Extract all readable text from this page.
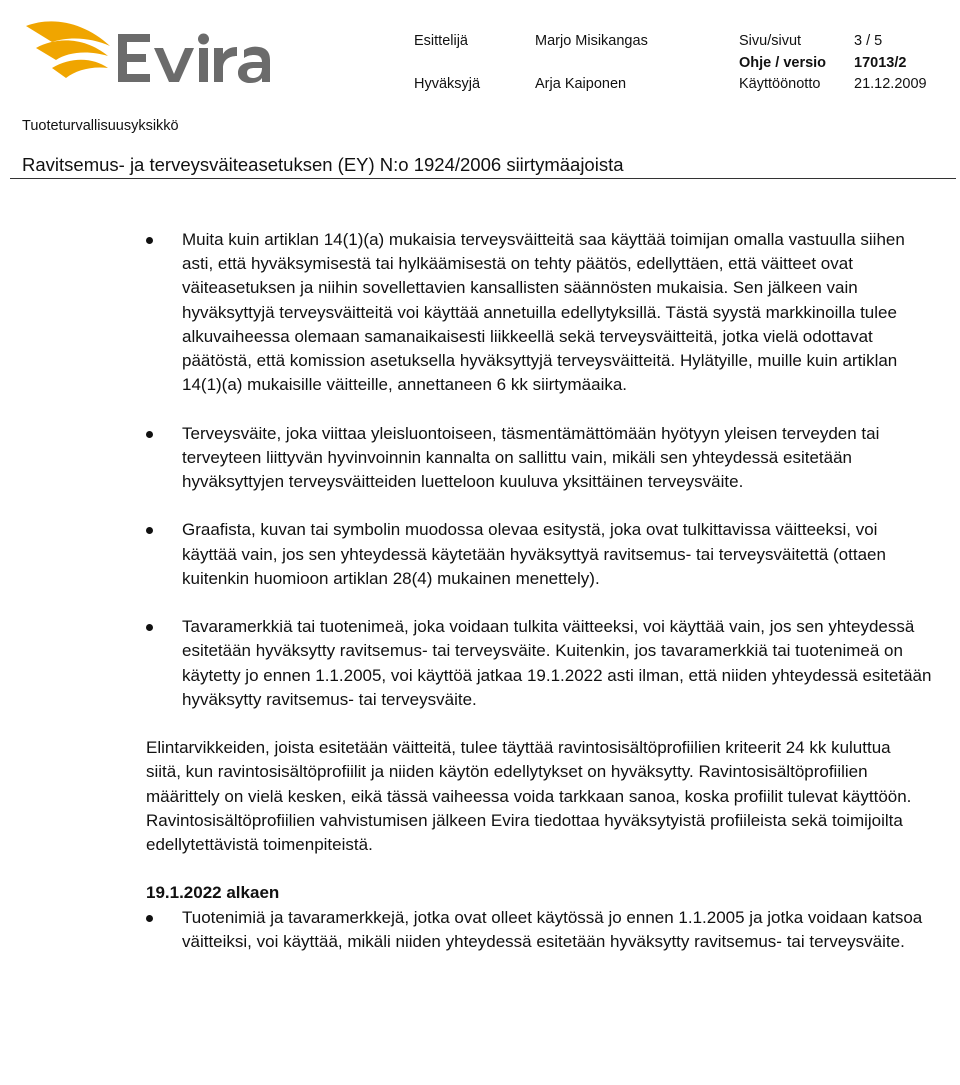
Esittelijä	Marjo Misikangas	Sivu/sivut	3 / 5
Ohje / versio 17013/2
Hyväksyjä	Arja Kaiponen	Käyttöönotto 21.12.2009
Tuoteturvallisuusyksikkö
Ravitsemus- ja terveysväiteasetuksen (EY) N:o 1924/2006 siirtymäajoista
Muita kuin artiklan 14(1)(a) mukaisia terveysväitteitä saa käyttää toimijan omalla vastuulla siihen asti, että hyväksymisestä tai hylkäämisestä on tehty päätös, edellyttäen, että väitteet ovat väiteasetuksen ja niihin sovellettavien kansallisten säännösten mukaisia. Sen jälkeen vain hyväksyttyjä terveysväitteitä voi käyttää annetuilla edellytyksillä. Tästä syystä markkinoilla tulee alkuvaiheessa olemaan samanaikaisesti liikkeellä sekä terveysväitteitä, jotka vielä odottavat päätöstä, että komission asetuksella hyväksyttyjä terveysväitteitä. Hylätyille, muille kuin artiklan 14(1)(a) mukaisille väitteille, annettaneen 6 kk siirtymäaika.
Terveysväite, joka viittaa yleisluontoiseen, täsmentämättömään hyötyyn yleisen terveyden tai terveyteen liittyvän hyvinvoinnin kannalta on sallittu vain, mikäli sen yhteydessä esitetään hyväksyttyjen terveysväitteiden luetteloon kuuluva yksittäinen terveysväite.
Graafista, kuvan tai symbolin muodossa olevaa esitystä, joka ovat tulkittavissa väitteeksi, voi käyttää vain, jos sen yhteydessä käytetään hyväksyttyä ravitsemus- tai terveysväitettä (ottaen kuitenkin huomioon artiklan 28(4) mukainen menettely).
Tavaramerkkiä tai tuotenimeä, joka voidaan tulkita väitteeksi, voi käyttää vain, jos sen yhteydessä esitetään hyväksytty ravitsemus- tai terveysväite. Kuitenkin, jos tavaramerkkiä tai tuotenimeä on käytetty jo ennen 1.1.2005, voi käyttöä jatkaa 19.1.2022 asti ilman, että niiden yhteydessä esitetään hyväksytty ravitsemus- tai terveysväite.
Elintarvikkeiden, joista esitetään väitteitä, tulee täyttää ravintosisältöprofiilien kriteerit 24 kk kuluttua siitä, kun ravintosisältöprofiilit ja niiden käytön edellytykset on hyväksytty. Ravintosisältöprofiilien määrittely on vielä kesken, eikä tässä vaiheessa voida tarkkaan sanoa, koska profiilit tulevat käyttöön. Ravintosisältöprofiilien vahvistumisen jälkeen Evira tiedottaa hyväksytyistä profiileista sekä toimijoilta edellytettävistä toimenpiteistä.
19.1.2022 alkaen
Tuotenimiä ja tavaramerkkejä, jotka ovat olleet käytössä jo ennen 1.1.2005 ja jotka voidaan katsoa väitteiksi, voi käyttää, mikäli niiden yhteydessä esitetään hyväksytty ravitsemus- tai terveysväite.
